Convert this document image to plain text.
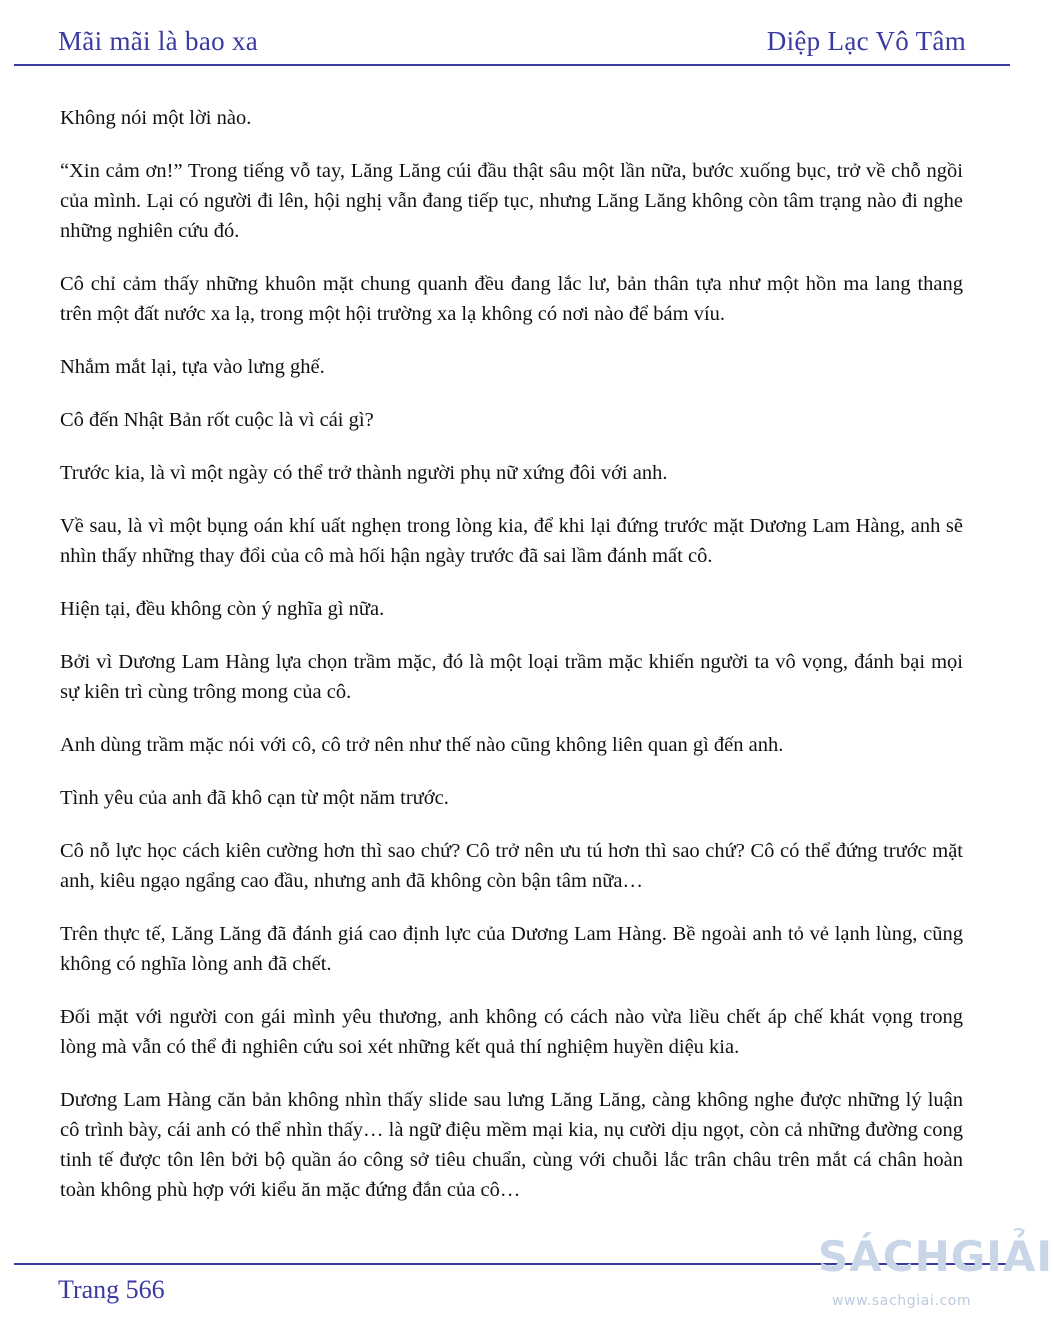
Mãi mãi là bao xa	Diệp Lạc Vô Tâm

Không nói một lời nào.

“Xin cảm ơn!” Trong tiếng vỗ tay, Lăng Lăng cúi đầu thật sâu một lần nữa, bước xuống bục, trở về chỗ ngồi của mình. Lại có người đi lên, hội nghị vẫn đang tiếp tục, nhưng Lăng Lăng không còn tâm trạng nào đi nghe những nghiên cứu đó.

Cô chỉ cảm thấy những khuôn mặt chung quanh đều đang lắc lư, bản thân tựa như một hồn ma lang thang trên một đất nước xa lạ, trong một hội trường xa lạ không có nơi nào để bám víu.

Nhắm mắt lại, tựa vào lưng ghế.

Cô đến Nhật Bản rốt cuộc là vì cái gì?

Trước kia, là vì một ngày có thể trở thành người phụ nữ xứng đôi với anh.

Về sau, là vì một bụng oán khí uất nghẹn trong lòng kia, để khi lại đứng trước mặt Dương Lam Hàng, anh sẽ nhìn thấy những thay đổi của cô mà hối hận ngày trước đã sai lầm đánh mất cô.

Hiện tại, đều không còn ý nghĩa gì nữa.

Bởi vì Dương Lam Hàng lựa chọn trầm mặc, đó là một loại trầm mặc khiến người ta vô vọng, đánh bại mọi sự kiên trì cùng trông mong của cô.

Anh dùng trầm mặc nói với cô, cô trở nên như thế nào cũng không liên quan gì đến anh.

Tình yêu của anh đã khô cạn từ một năm trước.

Cô nỗ lực học cách kiên cường hơn thì sao chứ? Cô trở nên ưu tú hơn thì sao chứ? Cô có thể đứng trước mặt anh, kiêu ngạo ngẩng cao đầu, nhưng anh đã không còn bận tâm nữa…

Trên thực tế, Lăng Lăng đã đánh giá cao định lực của Dương Lam Hàng. Bề ngoài anh tỏ vẻ lạnh lùng, cũng không có nghĩa lòng anh đã chết.

Đối mặt với người con gái mình yêu thương, anh không có cách nào vừa liều chết áp chế khát vọng trong lòng mà vẫn có thể đi nghiên cứu soi xét những kết quả thí nghiệm huyền diệu kia.

Dương Lam Hàng căn bản không nhìn thấy slide sau lưng Lăng Lăng, càng không nghe được những lý luận cô trình bày, cái anh có thể nhìn thấy… là ngữ điệu mềm mại kia, nụ cười dịu ngọt, còn cả những đường cong tinh tế được tôn lên bởi bộ quần áo công sở tiêu chuẩn, cùng với chuỗi lắc trân châu trên mắt cá chân hoàn toàn không phù hợp với kiểu ăn mặc đứng đắn của cô…

Trang 566
SÁCHGIẢI
www.sachgiai.com
